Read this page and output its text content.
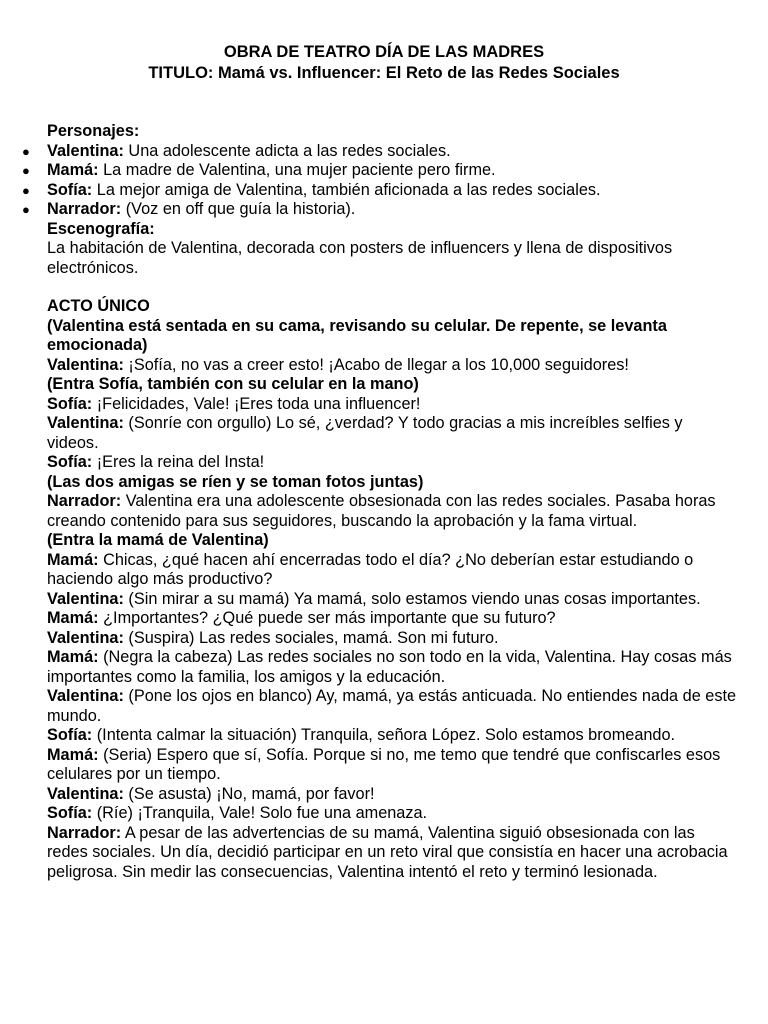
OBRA DE TEATRO DÍA DE LAS MADRES
TITULO: Mamá vs. Influencer: El Reto de las Redes Sociales
Personajes:
● Valentina: Una adolescente adicta a las redes sociales.
● Mamá: La madre de Valentina, una mujer paciente pero firme.
● Sofía: La mejor amiga de Valentina, también aficionada a las redes sociales.
● Narrador: (Voz en off que guía la historia).
Escenografía:
La habitación de Valentina, decorada con posters de influencers y llena de dispositivos electrónicos.
ACTO ÚNICO
(Valentina está sentada en su cama, revisando su celular. De repente, se levanta emocionada)
Valentina: ¡Sofía, no vas a creer esto! ¡Acabo de llegar a los 10,000 seguidores!
(Entra Sofía, también con su celular en la mano)
Sofía: ¡Felicidades, Vale! ¡Eres toda una influencer!
Valentina: (Sonríe con orgullo) Lo sé, ¿verdad? Y todo gracias a mis increíbles selfies y videos.
Sofía: ¡Eres la reina del Insta!
(Las dos amigas se ríen y se toman fotos juntas)
Narrador: Valentina era una adolescente obsesionada con las redes sociales. Pasaba horas creando contenido para sus seguidores, buscando la aprobación y la fama virtual.
(Entra la mamá de Valentina)
Mamá: Chicas, ¿qué hacen ahí encerradas todo el día? ¿No deberían estar estudiando o haciendo algo más productivo?
Valentina: (Sin mirar a su mamá) Ya mamá, solo estamos viendo unas cosas importantes.
Mamá: ¿Importantes? ¿Qué puede ser más importante que su futuro?
Valentina: (Suspira) Las redes sociales, mamá. Son mi futuro.
Mamá: (Negra la cabeza) Las redes sociales no son todo en la vida, Valentina. Hay cosas más importantes como la familia, los amigos y la educación.
Valentina: (Pone los ojos en blanco) Ay, mamá, ya estás anticuada. No entiendes nada de este mundo.
Sofía: (Intenta calmar la situación) Tranquila, señora López. Solo estamos bromeando.
Mamá: (Seria) Espero que sí, Sofía. Porque si no, me temo que tendré que confiscarles esos celulares por un tiempo.
Valentina: (Se asusta) ¡No, mamá, por favor!
Sofía: (Ríe) ¡Tranquila, Vale! Solo fue una amenaza.
Narrador: A pesar de las advertencias de su mamá, Valentina siguió obsesionada con las redes sociales. Un día, decidió participar en un reto viral que consistía en hacer una acrobacia peligrosa. Sin medir las consecuencias, Valentina intentó el reto y terminó lesionada.
